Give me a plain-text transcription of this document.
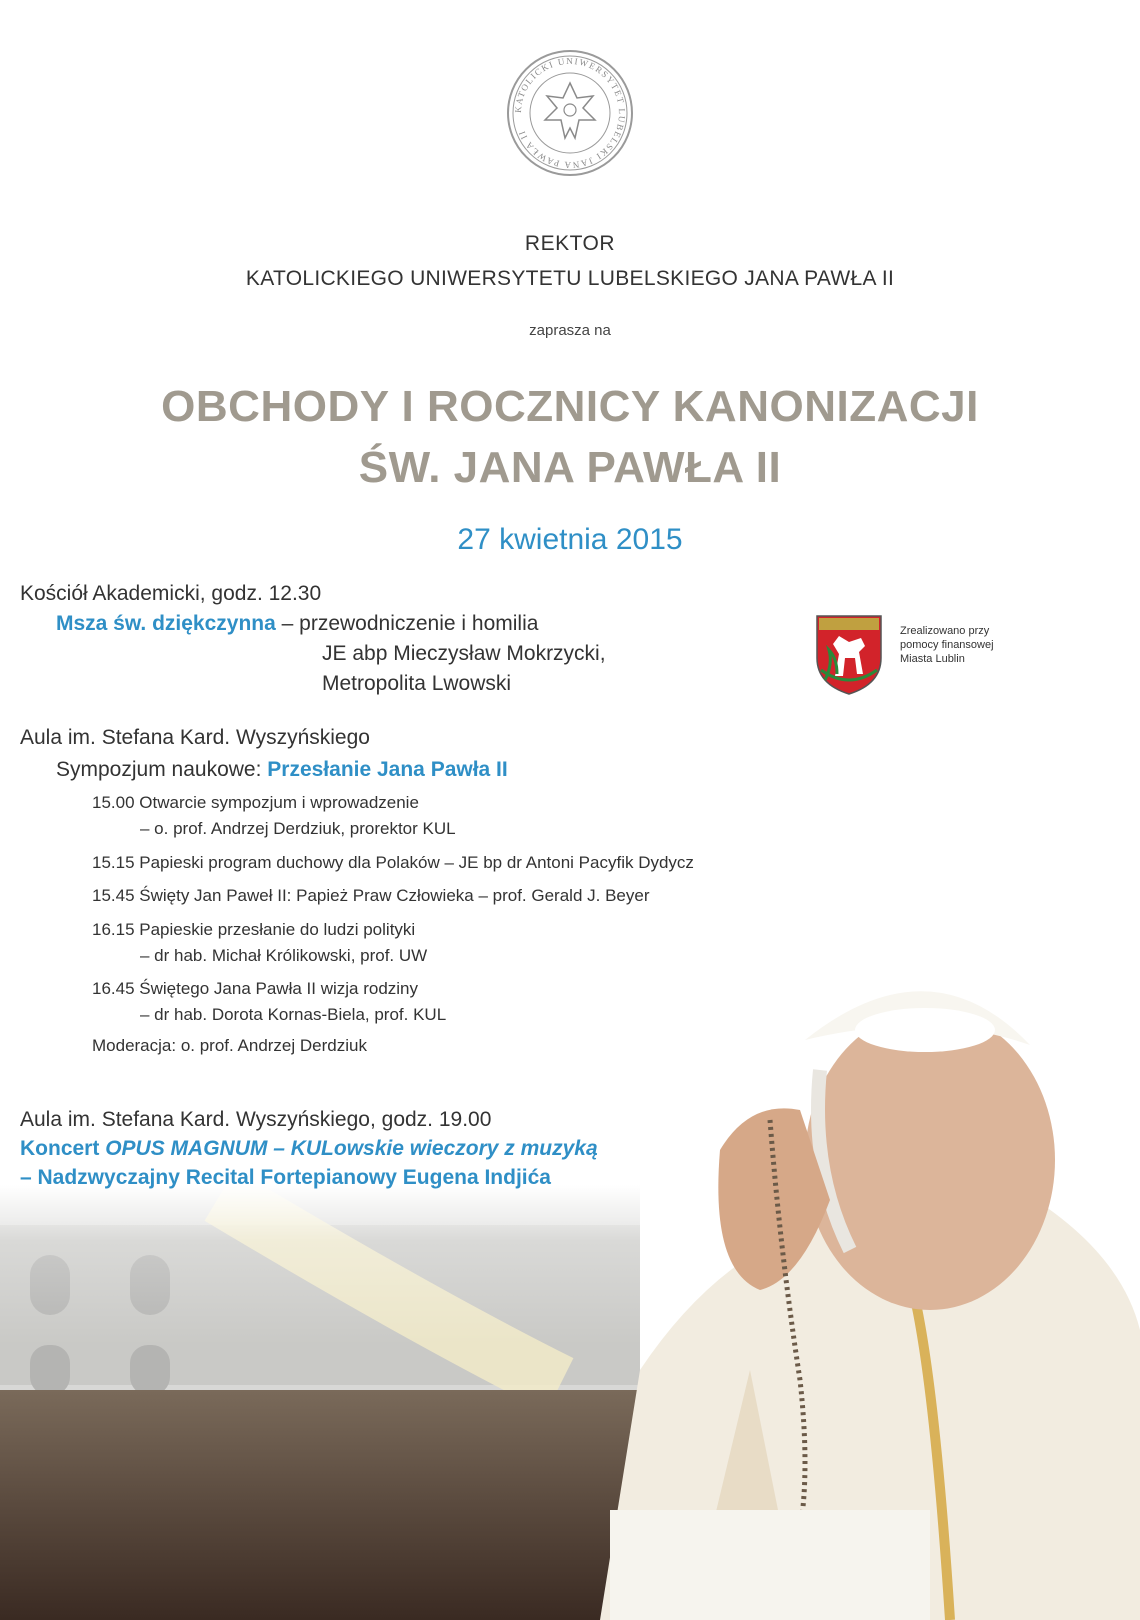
KATOLICKI UNIWERSYTET LUBELSKI JANA PAWŁA II
REKTOR
KATOLICKIEGO UNIWERSYTETU LUBELSKIEGO JANA PAWŁA II
zaprasza na
OBCHODY I ROCZNICY KANONIZACJI
ŚW. JANA PAWŁA II
27 kwietnia 2015
Kościół Akademicki, godz. 12.30
Msza św. dziękczynna – przewodniczenie i homilia
JE abp Mieczysław Mokrzycki,
Metropolita Lwowski
Zrealizowano przy
pomocy finansowej
Miasta Lublin
Aula im. Stefana Kard. Wyszyńskiego
Sympozjum naukowe: Przesłanie Jana Pawła II
15.00 Otwarcie sympozjum i wprowadzenie
– o. prof. Andrzej Derdziuk, prorektor KUL
15.15 Papieski program duchowy dla Polaków – JE bp dr Antoni Pacyfik Dydycz
15.45 Święty Jan Paweł II: Papież Praw Człowieka – prof. Gerald J. Beyer
16.15 Papieskie przesłanie do ludzi polityki
– dr hab. Michał Królikowski, prof. UW
16.45 Świętego Jana Pawła II wizja rodziny
– dr hab. Dorota Kornas-Biela, prof. KUL
Moderacja: o. prof. Andrzej Derdziuk
Aula im. Stefana Kard. Wyszyńskiego, godz. 19.00
Koncert OPUS MAGNUM – KULowskie wieczory z muzyką
– Nadzwyczajny Recital Fortepianowy Eugena Indjića
